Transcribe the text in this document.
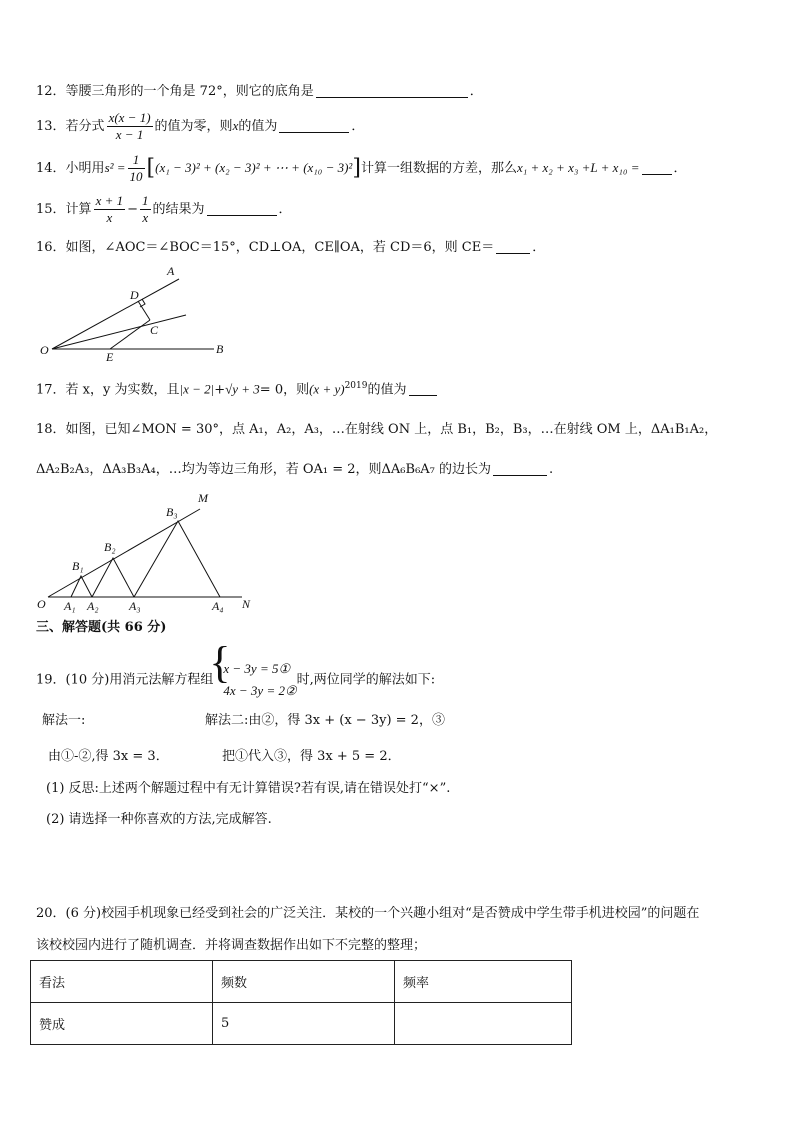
12．等腰三角形的一个角是 72°，则它的底角是	．
13．若分式 $\frac{x(x - 1)}{x - 1}$ 的值为零，则x的值为	．
14．小明用$s^2 = \frac{1}{10} [(x_1 - 3)^2 + (x_2 - 3)^2$ + ⋯ + (x₁₀ − 3)²]计算一组数据的方差，那么x₁ + x₂ + x₃ +L + x₁₀ =	．
15．计算 $\frac{x + 1}{x} - \frac{1}{x}$ 的结果为	．
16．如图，∠AOC＝∠BOC＝15°，CD⊥OA，CE∥OA，若 CD＝6，则 CE＝	．
A
D
C
O	E
B
17．若 x，y 为实数，且|x − 2|+√y + 3= 0，则$(x + y)^{2019}$的值为
18．如图，已知∠MON = 30°，点 A₁，A₂，A₃，…在射线 ON 上，点 B₁，B₂，B₃，…在射线 OM 上，ΔA₁B₁A₂，
ΔA₂B₂A₃，ΔA₃B₃A₄，…均为等边三角形，若 OA₁ = 2，则ΔA₆B₆A₇ 的边长为	.
M
B₃
B₂
B₁
O A₁ A₂	A₃	A₄ N
三、解答题(共 66 分)
19．(10 分)用消元法解方程组
{ x − 3y = 5①
4x − 3y = 2②
时,两位同学的解法如下:
解法一:	解法二:由②，得 3x + (x − 3y) = 2，③
由①-②,得 3x = 3．	把①代入③，得 3x + 5 = 2．
(1) 反思:上述两个解题过程中有无计算错误?若有误,请在错误处打“×”.
(2) 请选择一种你喜欢的方法,完成解答.
20．(6 分)校园手机现象已经受到社会的广泛关注．某校的一个兴趣小组对“是否赞成中学生带手机进校园”的问题在
该校校园内进行了随机调查．并将调查数据作出如下不完整的整理；
看法	频数	频率
赞成	5	
